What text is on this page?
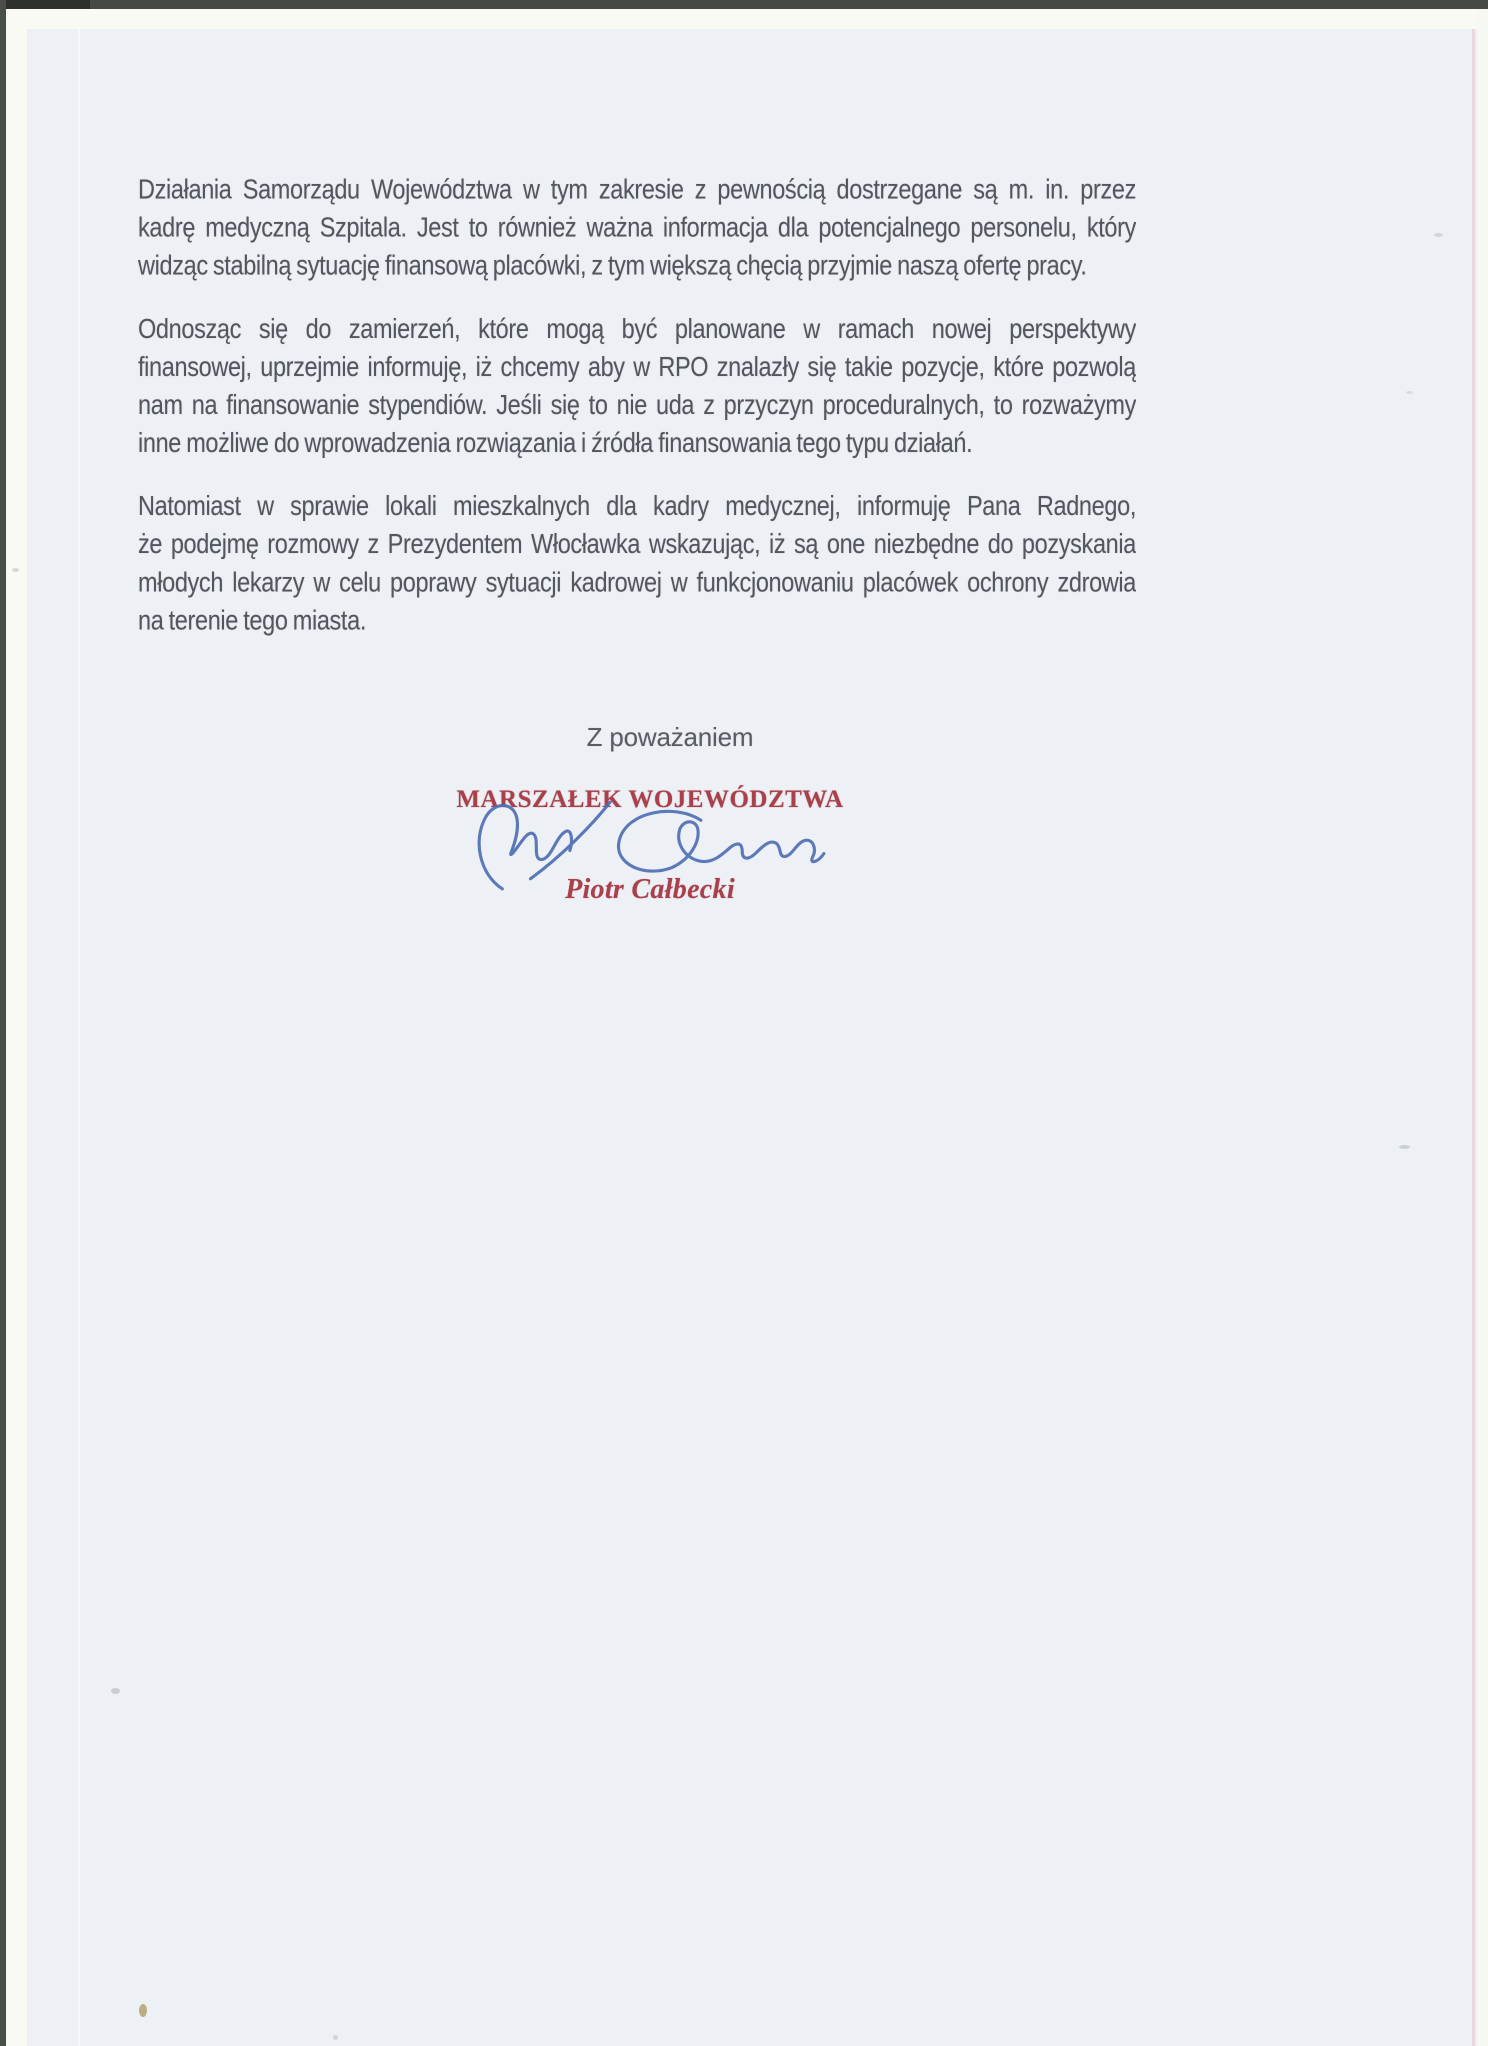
Działania Samorządu Województwa w tym zakresie z pewnością dostrzegane są m. in. przez
kadrę medyczną Szpitala. Jest to również ważna informacja dla potencjalnego personelu, który
widząc stabilną sytuację finansową placówki, z tym większą chęcią przyjmie naszą ofertę pracy.
Odnosząc się do zamierzeń, które mogą być planowane w ramach nowej perspektywy
finansowej, uprzejmie informuję, iż chcemy aby w RPO znalazły się takie pozycje, które pozwolą
nam na finansowanie stypendiów. Jeśli się to nie uda z przyczyn proceduralnych, to rozważymy
inne możliwe do wprowadzenia rozwiązania i źródła finansowania tego typu działań.
Natomiast w sprawie lokali mieszkalnych dla kadry medycznej, informuję Pana Radnego,
że podejmę rozmowy z Prezydentem Włocławka wskazując, iż są one niezbędne do pozyskania
młodych lekarzy w celu poprawy sytuacji kadrowej w funkcjonowaniu placówek ochrony zdrowia
na terenie tego miasta.
Z poważaniem
MARSZAŁEK WOJEWÓDZTWA
Piotr Całbecki
